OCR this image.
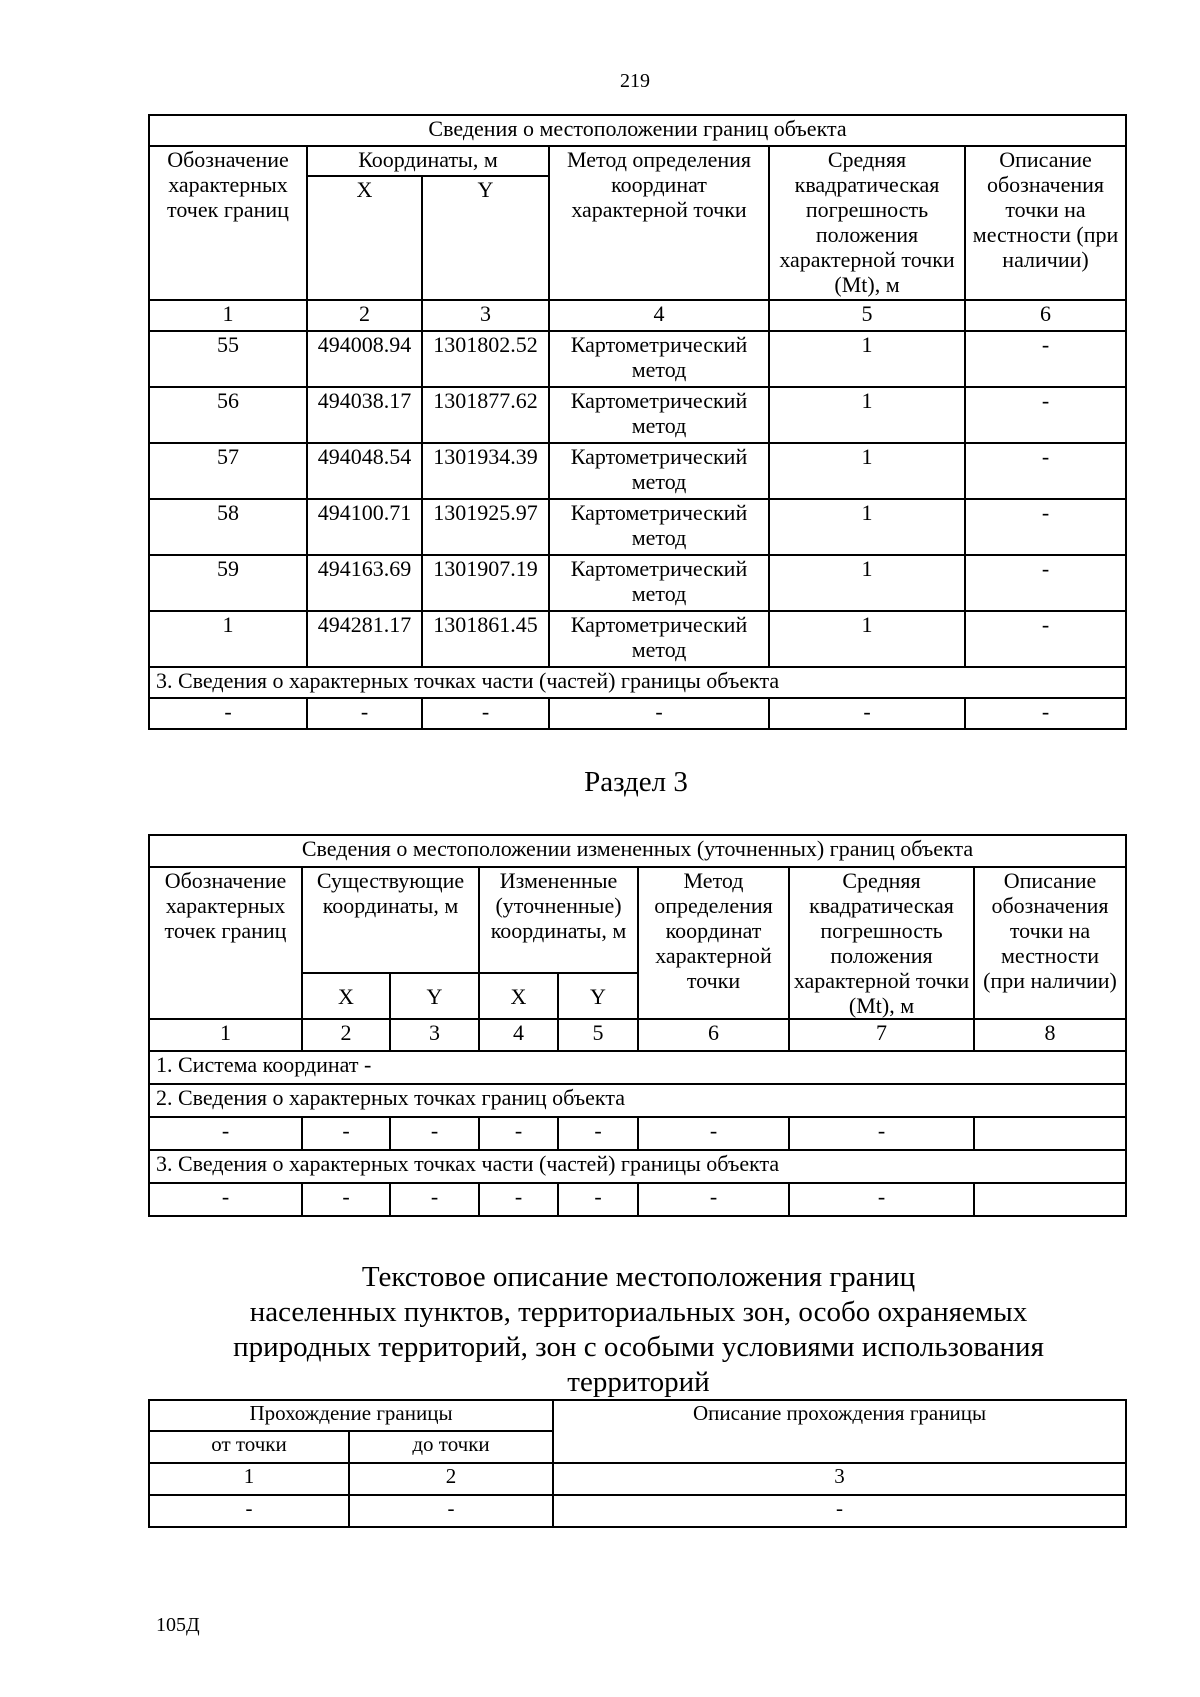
219
Сведения о местоположении границ объекта					
Обозначение характерных точек границ	Координаты, м		Метод определения координат характерной точки	Средняя квадратическая погрешность положения характерной точки (Mt), м	Описание обозначения точки на местности (при наличии)
	X	Y			
1	2	3	4	5	6
55	494008.94	1301802.52	Картометрический метод	1	-
56	494038.17	1301877.62	Картометрический метод	1	-
57	494048.54	1301934.39	Картометрический метод	1	-
58	494100.71	1301925.97	Картометрический метод	1	-
59	494163.69	1301907.19	Картометрический метод	1	-
1	494281.17	1301861.45	Картометрический метод	1	-
3. Сведения о характерных точках части (частей) границы объекта					
-	-	-	-	-	-
Раздел 3
Сведения о местоположении измененных (уточненных) границ объекта							
Обозначение характерных точек границ	Существующие координаты, м		Измененные (уточненные) координаты, м		Метод определения координат характерной точки	Средняя квадратическая погрешность положения характерной точки (Mt), м	Описание обозначения точки на местности (при наличии)
	X	Y	X	Y			
1	2	3	4	5	6	7	8
1. Система координат -							
2. Сведения о характерных точках границ объекта							
-	-	-	-	-	-	-	
3. Сведения о характерных точках части (частей) границы объекта							
-	-	-	-	-	-	-	
Текстовое описание местоположения границ
населенных пунктов, территориальных зон, особо охраняемых
природных территорий, зон с особыми условиями использования
территорий
Прохождение границы		Описание прохождения границы
от точки	до точки	
1	2	3
-	-	-
105Д
